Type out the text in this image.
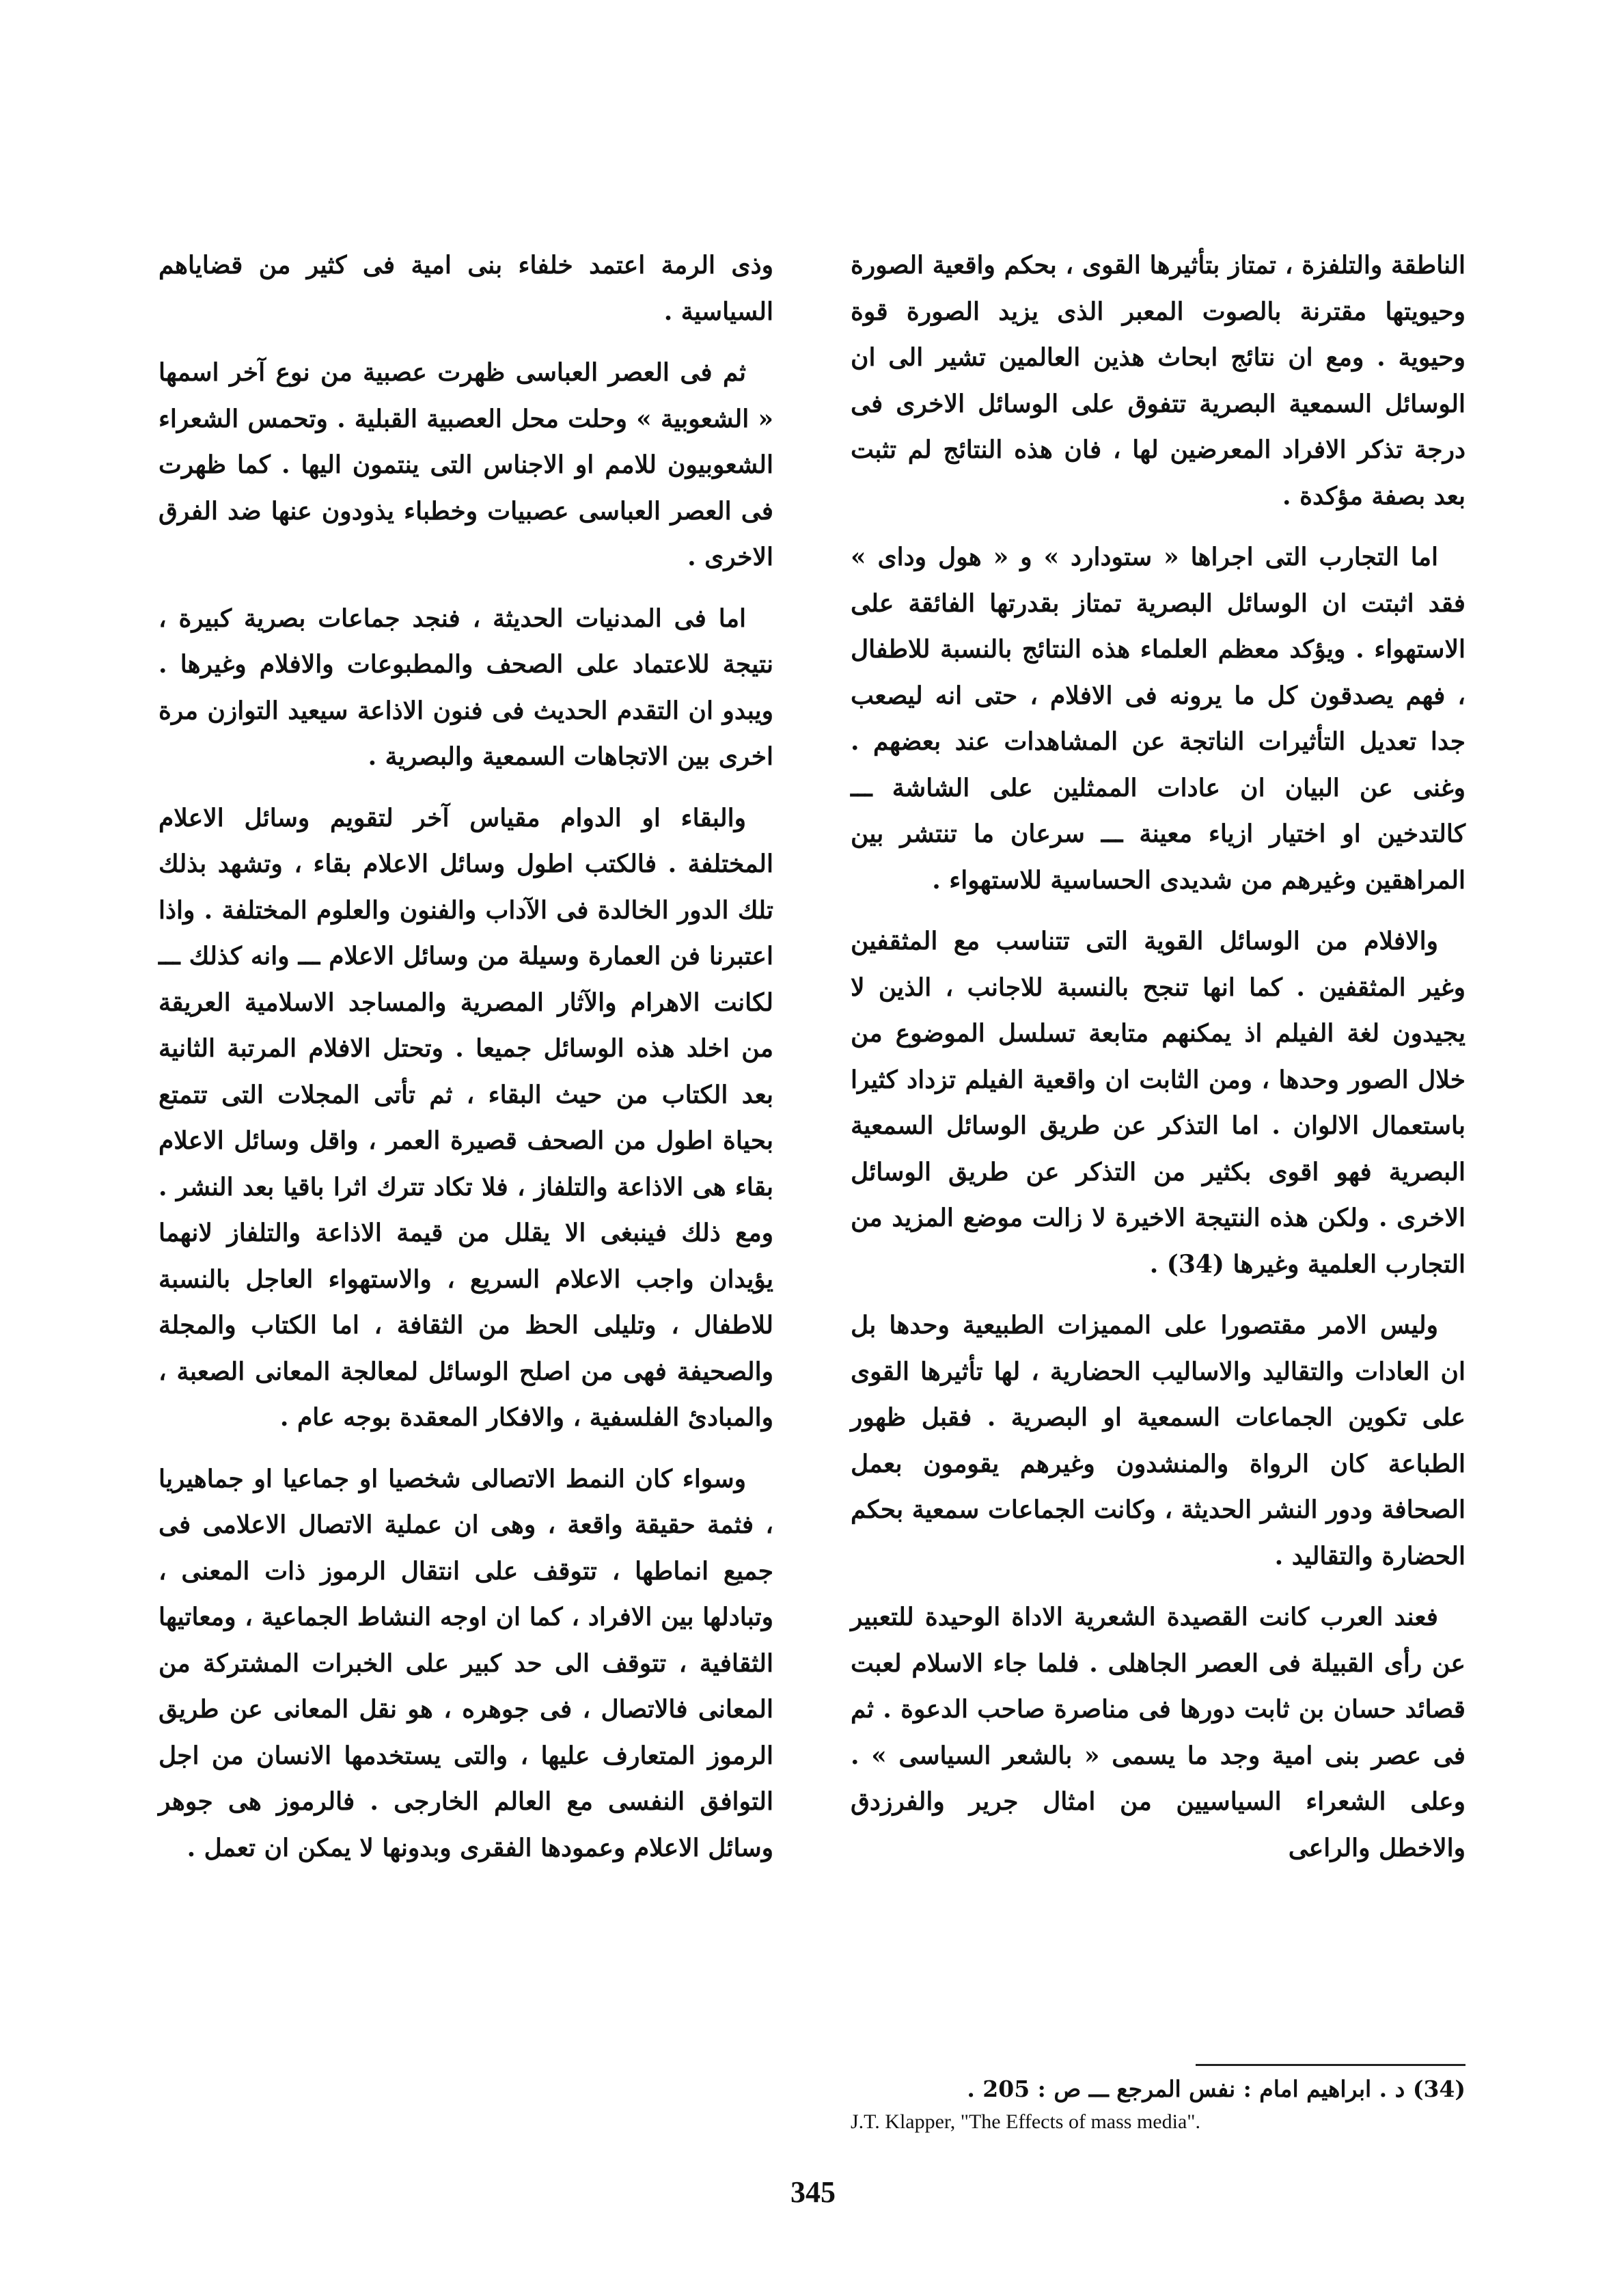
الناطقة والتلفزة ، تمتاز بتأثيرها القوى ، بحكم واقعية الصورة وحيويتها مقترنة بالصوت المعبر الذى يزيد الصورة قوة وحيوية . ومع ان نتائج ابحاث هذين العالمين تشير الى ان الوسائل السمعية البصرية تتفوق على الوسائل الاخرى فى درجة تذكر الافراد المعرضين لها ، فان هذه النتائج لم تثبت بعد بصفة مؤكدة .

اما التجارب التى اجراها « ستودارد » و « هول وداى » فقد اثبتت ان الوسائل البصرية تمتاز بقدرتها الفائقة على الاستهواء . ويؤكد معظم العلماء هذه النتائج بالنسبة للاطفال ، فهم يصدقون كل ما يرونه فى الافلام ، حتى انه ليصعب جدا تعديل التأثيرات الناتجة عن المشاهدات عند بعضهم . وغنى عن البيان ان عادات الممثلين على الشاشة ـــ كالتدخين او اختيار ازياء معينة ـــ سرعان ما تنتشر بين المراهقين وغيرهم من شديدى الحساسية للاستهواء .

والافلام من الوسائل القوية التى تتناسب مع المثقفين وغير المثقفين . كما انها تنجح بالنسبة للاجانب ، الذين لا يجيدون لغة الفيلم اذ يمكنهم متابعة تسلسل الموضوع من خلال الصور وحدها ، ومن الثابت ان واقعية الفيلم تزداد كثيرا باستعمال الالوان . اما التذكر عن طريق الوسائل السمعية البصرية فهو اقوى بكثير من التذكر عن طريق الوسائل الاخرى . ولكن هذه النتيجة الاخيرة لا زالت موضع المزيد من التجارب العلمية وغيرها (34) .

وليس الامر مقتصورا على المميزات الطبيعية وحدها بل ان العادات والتقاليد والاساليب الحضارية ، لها تأثيرها القوى على تكوين الجماعات السمعية او البصرية . فقبل ظهور الطباعة كان الرواة والمنشدون وغيرهم يقومون بعمل الصحافة ودور النشر الحديثة ، وكانت الجماعات سمعية بحكم الحضارة والتقاليد .

فعند العرب كانت القصيدة الشعرية الاداة الوحيدة للتعبير عن رأى القبيلة فى العصر الجاهلى . فلما جاء الاسلام لعبت قصائد حسان بن ثابت دورها فى مناصرة صاحب الدعوة . ثم فى عصر بنى امية وجد ما يسمى « بالشعر السياسى » . وعلى الشعراء السياسيين من امثال جرير والفرزدق والاخطل والراعى

وذى الرمة اعتمد خلفاء بنى امية فى كثير من قضاياهم السياسية .

ثم فى العصر العباسى ظهرت عصبية من نوع آخر اسمها « الشعوبية » وحلت محل العصبية القبلية . وتحمس الشعراء الشعوبيون للامم او الاجناس التى ينتمون اليها . كما ظهرت فى العصر العباسى عصبيات وخطباء يذودون عنها ضد الفرق الاخرى .

اما فى المدنيات الحديثة ، فنجد جماعات بصرية كبيرة ، نتيجة للاعتماد على الصحف والمطبوعات والافلام وغيرها . ويبدو ان التقدم الحديث فى فنون الاذاعة سيعيد التوازن مرة اخرى بين الاتجاهات السمعية والبصرية .

والبقاء او الدوام مقياس آخر لتقويم وسائل الاعلام المختلفة . فالكتب اطول وسائل الاعلام بقاء ، وتشهد بذلك تلك الدور الخالدة فى الآداب والفنون والعلوم المختلفة . واذا اعتبرنا فن العمارة وسيلة من وسائل الاعلام ـــ وانه كذلك ـــ لكانت الاهرام والآثار المصرية والمساجد الاسلامية العريقة من اخلد هذه الوسائل جميعا . وتحتل الافلام المرتبة الثانية بعد الكتاب من حيث البقاء ، ثم تأتى المجلات التى تتمتع بحياة اطول من الصحف قصيرة العمر ، واقل وسائل الاعلام بقاء هى الاذاعة والتلفاز ، فلا تكاد تترك اثرا باقيا بعد النشر . ومع ذلك فينبغى الا يقلل من قيمة الاذاعة والتلفاز لانهما يؤيدان واجب الاعلام السريع ، والاستهواء العاجل بالنسبة للاطفال ، وتليلى الحظ من الثقافة ، اما الكتاب والمجلة والصحيفة فهى من اصلح الوسائل لمعالجة المعانى الصعبة ، والمبادئ الفلسفية ، والافكار المعقدة بوجه عام .

وسواء كان النمط الاتصالى شخصيا او جماعيا او جماهيريا ، فثمة حقيقة واقعة ، وهى ان عملية الاتصال الاعلامى فى جميع انماطها ، تتوقف على انتقال الرموز ذات المعنى ، وتبادلها بين الافراد ، كما ان اوجه النشاط الجماعية ، ومعاتيها الثقافية ، تتوقف الى حد كبير على الخبرات المشتركة من المعانى فالاتصال ، فى جوهره ، هو نقل المعانى عن طريق الرموز المتعارف عليها ، والتى يستخدمها الانسان من اجل التوافق النفسى مع العالم الخارجى . فالرموز هى جوهر وسائل الاعلام وعمودها الفقرى وبدونها لا يمكن ان تعمل .

(34) د . ابراهيم امام : نفس المرجع ـــ ص : 205 .
J.T. Klapper, "The Effects of mass media".
345
